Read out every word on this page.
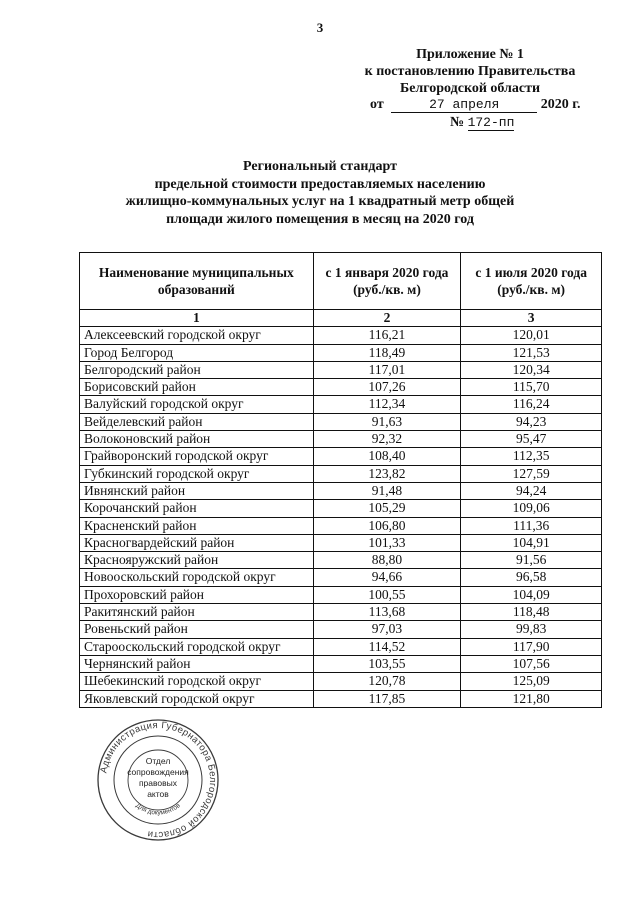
3
Приложение № 1
к постановлению Правительства
Белгородской области
от	27 апреля	2020 г.
№ 172-пп
Региональный стандарт
предельной стоимости предоставляемых населению
жилищно-коммунальных услуг на 1 квадратный метр общей
площади жилого помещения в месяц на 2020 год
Наименование муниципальных образований	с 1 января 2020 года (руб./кв. м)	с 1 июля 2020 года (руб./кв. м)
1	2	3
Алексеевский городской округ	116,21	120,01
Город Белгород	118,49	121,53
Белгородский район	117,01	120,34
Борисовский район	107,26	115,70
Валуйский городской округ	112,34	116,24
Вейделевский район	91,63	94,23
Волоконовский район	92,32	95,47
Грайворонский городской округ	108,40	112,35
Губкинский городской округ	123,82	127,59
Ивнянский район	91,48	94,24
Корочанский район	105,29	109,06
Красненский район	106,80	111,36
Красногвардейский район	101,33	104,91
Краснояружский район	88,80	91,56
Новооскольский городской округ	94,66	96,58
Прохоровский район	100,55	104,09
Ракитянский район	113,68	118,48
Ровеньский район	97,03	99,83
Старооскольский городской округ	114,52	117,90
Чернянский район	103,55	107,56
Шебекинский городской округ	120,78	125,09
Яковлевский городской округ	117,85	121,80
Администрация Губернатора Белгородской области
Для документов
Отдел
сопровождения
правовых
актов
